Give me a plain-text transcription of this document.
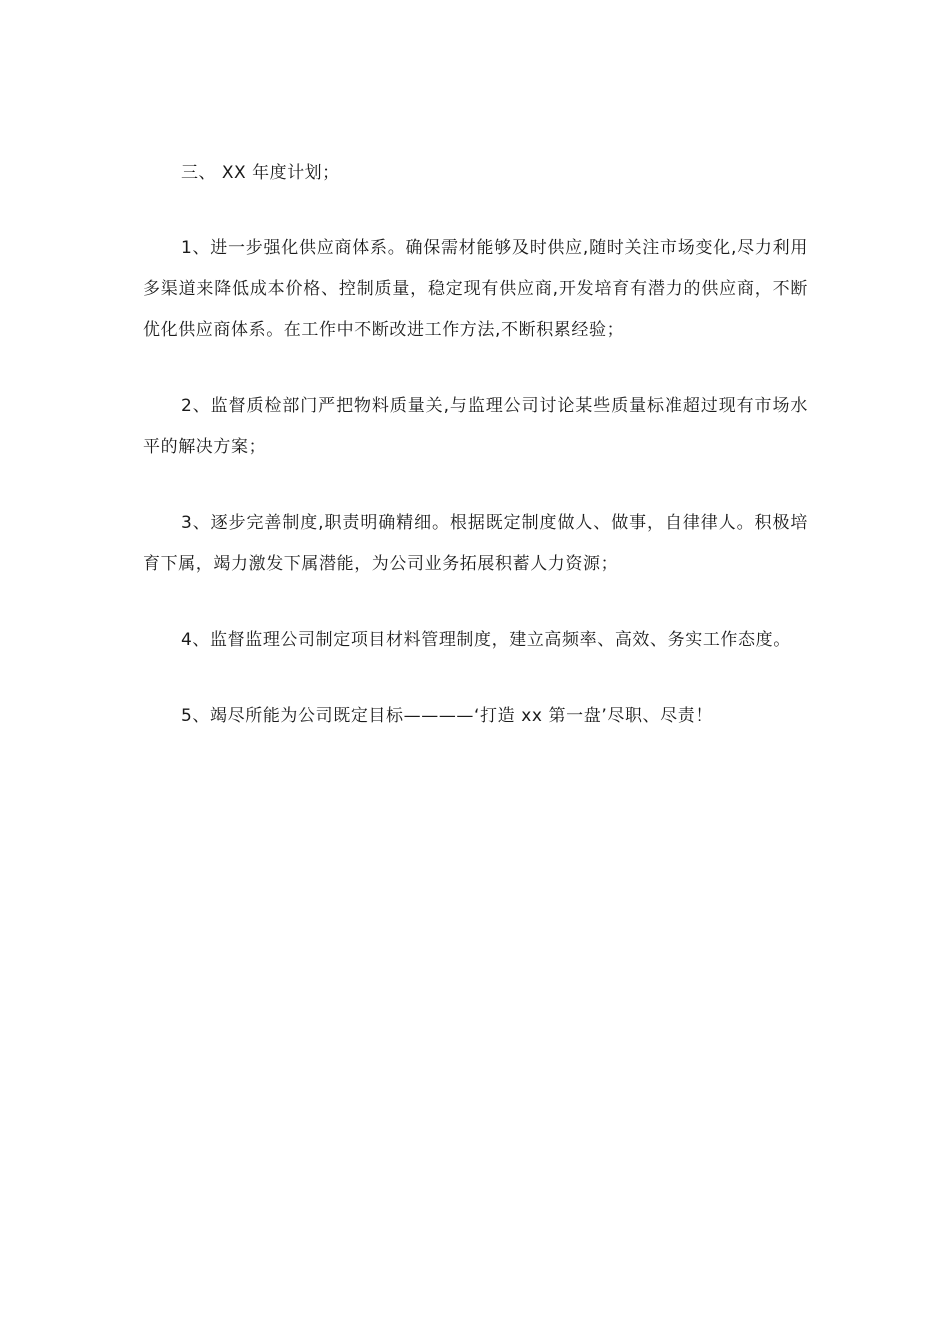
三、 XX 年度计划；

1、进一步强化供应商体系。确保需材能够及时供应,随时关注市场变化,尽力利用多渠道来降低成本价格、控制质量，稳定现有供应商,开发培育有潜力的供应商，不断优化供应商体系。在工作中不断改进工作方法,不断积累经验；

2、监督质检部门严把物料质量关,与监理公司讨论某些质量标准超过现有市场水平的解决方案；

3、逐步完善制度,职责明确精细。根据既定制度做人、做事，自律律人。积极培育下属，竭力激发下属潜能，为公司业务拓展积蓄人力资源；

4、监督监理公司制定项目材料管理制度，建立高频率、高效、务实工作态度。

5、竭尽所能为公司既定目标————‘打造 xx 第一盘’尽职、尽责！
